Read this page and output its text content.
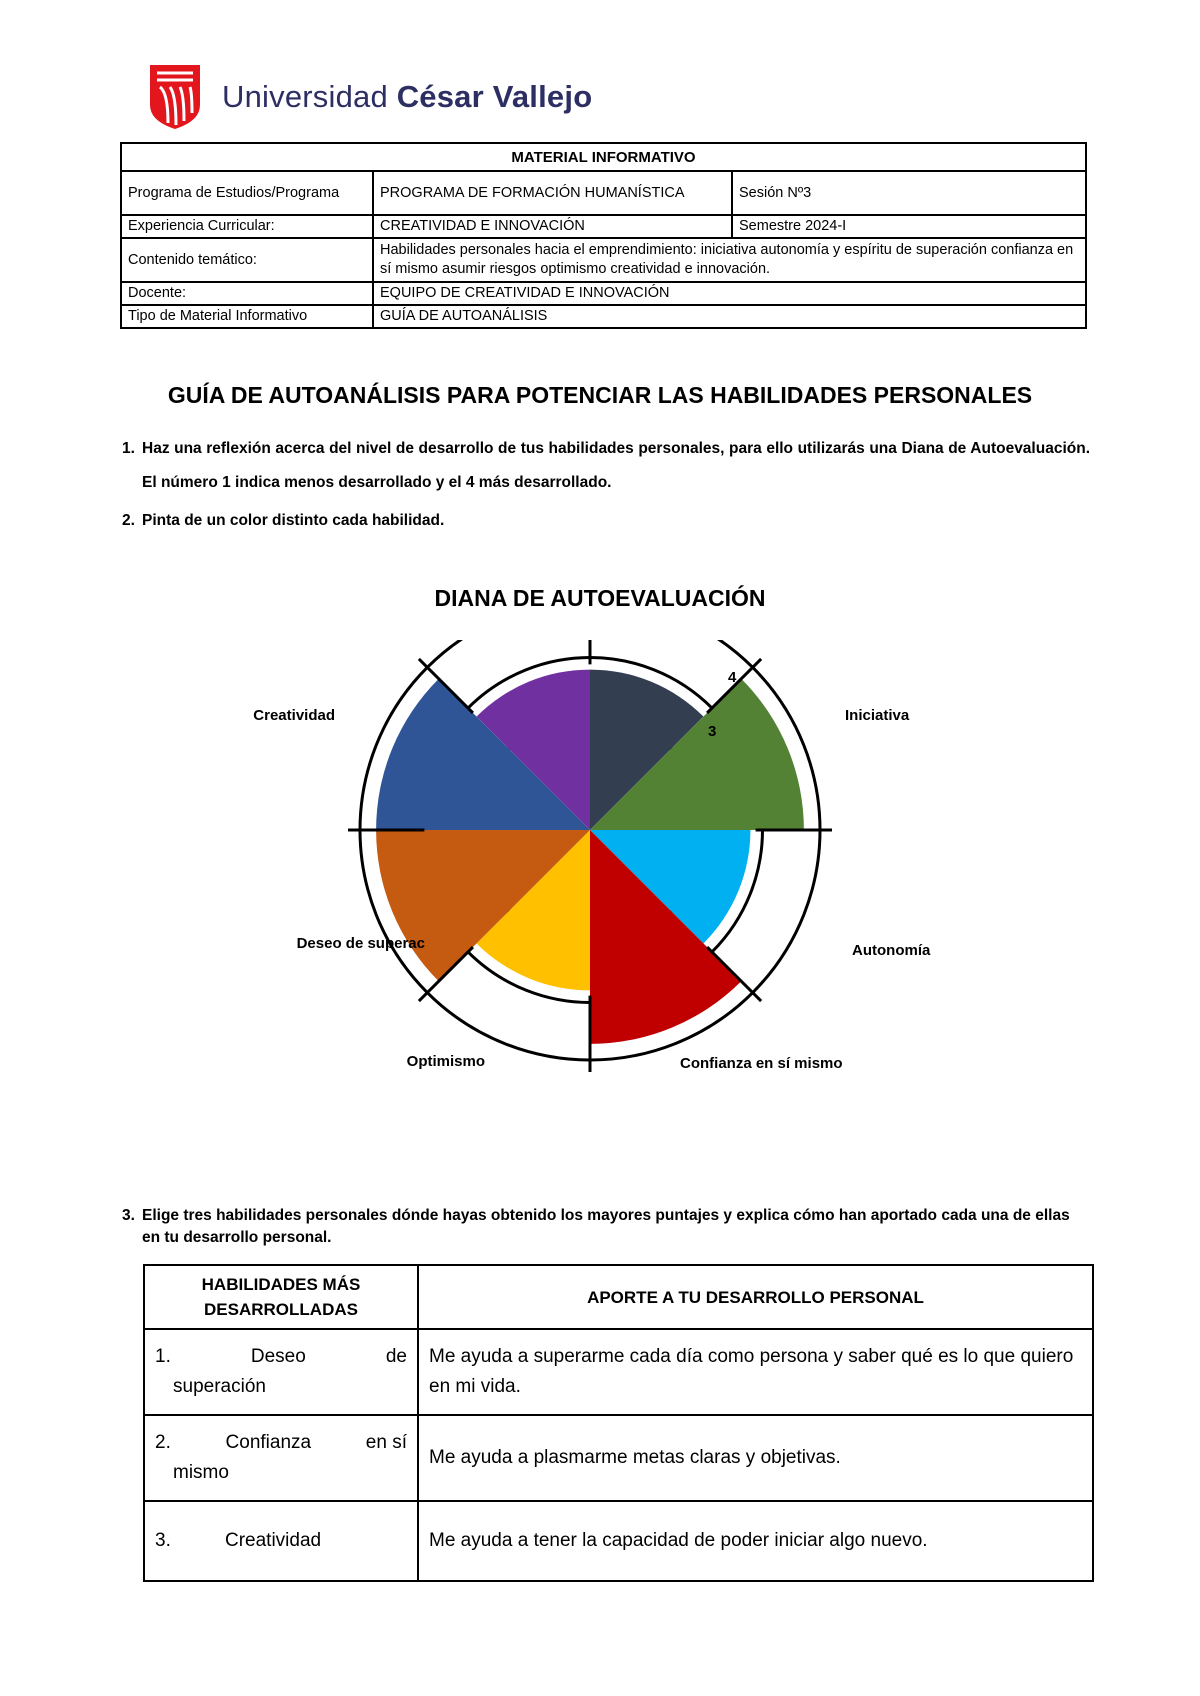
Universidad César Vallejo
MATERIAL INFORMATIVO		
Programa de Estudios/Programa	PROGRAMA DE FORMACIÓN HUMANÍSTICA	Sesión Nº3
Experiencia Curricular:	CREATIVIDAD E INNOVACIÓN	Semestre 2024-I
Contenido temático:	Habilidades personales hacia el emprendimiento: iniciativa autonomía y espíritu de superación confianza en sí mismo asumir riesgos optimismo creatividad e innovación.	
Docente:	EQUIPO DE CREATIVIDAD E INNOVACIÓN	
Tipo de Material Informativo	GUÍA DE AUTOANÁLISIS	
GUÍA DE AUTOANÁLISIS PARA POTENCIAR LAS HABILIDADES PERSONALES
1. Haz una reflexión acerca del nivel de desarrollo de tus habilidades personales, para ello utilizarás una Diana de Autoevaluación. El número 1 indica menos desarrollado y el 4 más desarrollado.
2. Pinta de un color distinto cada habilidad.
DIANA DE AUTOEVALUACIÓN
3
4
Iniciativa
Autonomía
Confianza en sí mismo
Optimismo
Deseo de superac
Creatividad
3. Elige tres habilidades personales dónde hayas obtenido los mayores puntajes y explica cómo han aportado cada una de ellas en tu desarrollo personal.
HABILIDADES MÁS DESARROLLADAS	APORTE A TU DESARROLLO PERSONAL

1. Deseo de
superación	Me ayuda a superarme cada día como persona y saber qué es lo que quiero en mi vida.

2. Confianza en sí
mismo	Me ayuda a plasmarme metas claras y objetivas.

3. Creatividad	Me ayuda a tener la capacidad de poder iniciar algo nuevo.
